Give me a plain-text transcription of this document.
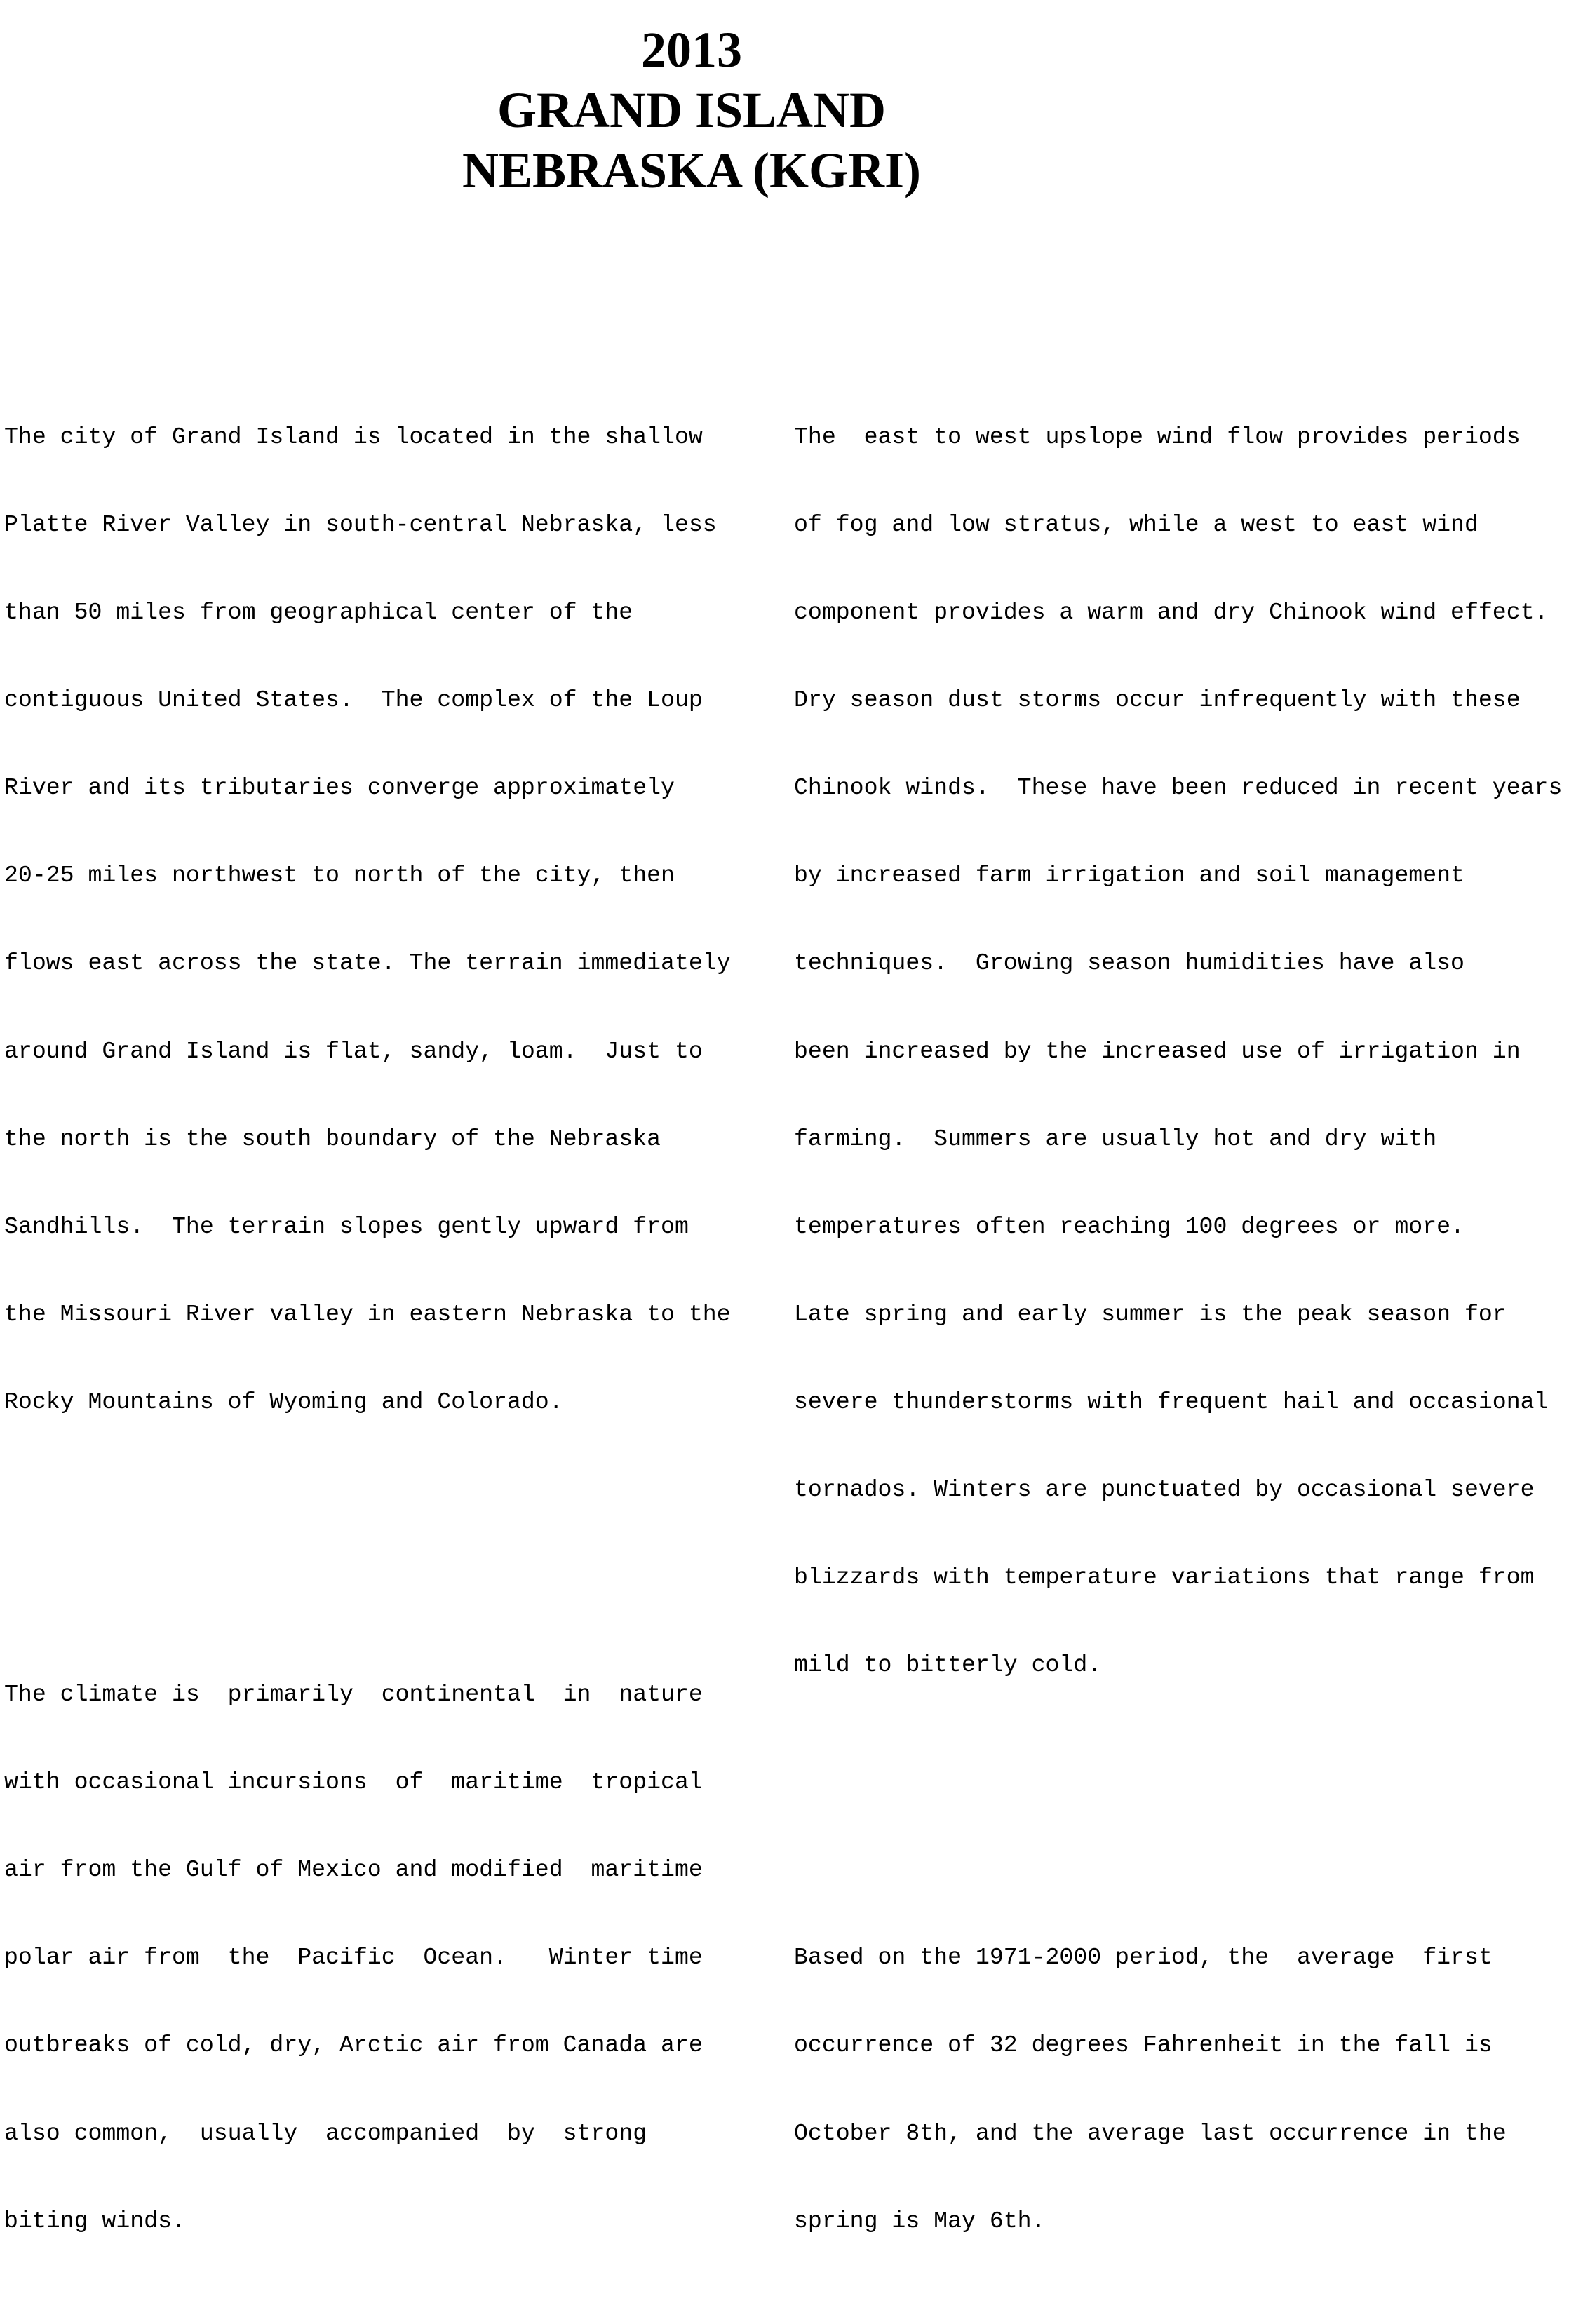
2013
GRAND ISLAND
NEBRASKA (KGRI)

The city of Grand Island is located in the shallow

Platte River Valley in south-central Nebraska, less

than 50 miles from geographical center of the

contiguous United States.  The complex of the Loup

River and its tributaries converge approximately

20-25 miles northwest to north of the city, then

flows east across the state. The terrain immediately

around Grand Island is flat, sandy, loam.  Just to

the north is the south boundary of the Nebraska

Sandhills.  The terrain slopes gently upward from

the Missouri River valley in eastern Nebraska to the

Rocky Mountains of Wyoming and Colorado.

The climate is  primarily  continental  in  nature

with occasional incursions  of  maritime  tropical

air from the Gulf of Mexico and modified  maritime

polar air from  the  Pacific  Ocean.   Winter time

outbreaks of cold, dry, Arctic air from Canada are

also common,  usually  accompanied  by  strong

biting winds.

The  east to west upslope wind flow provides periods

of fog and low stratus, while a west to east wind

component provides a warm and dry Chinook wind effect.

Dry season dust storms occur infrequently with these

Chinook winds.  These have been reduced in recent years

by increased farm irrigation and soil management

techniques.  Growing season humidities have also

been increased by the increased use of irrigation in

farming.  Summers are usually hot and dry with

temperatures often reaching 100 degrees or more.

Late spring and early summer is the peak season for

severe thunderstorms with frequent hail and occasional

tornados. Winters are punctuated by occasional severe

blizzards with temperature variations that range from

mild to bitterly cold.

Based on the 1971-2000 period, the  average  first

occurrence of 32 degrees Fahrenheit in the fall is

October 8th, and the average last occurrence in the

spring is May 6th.
